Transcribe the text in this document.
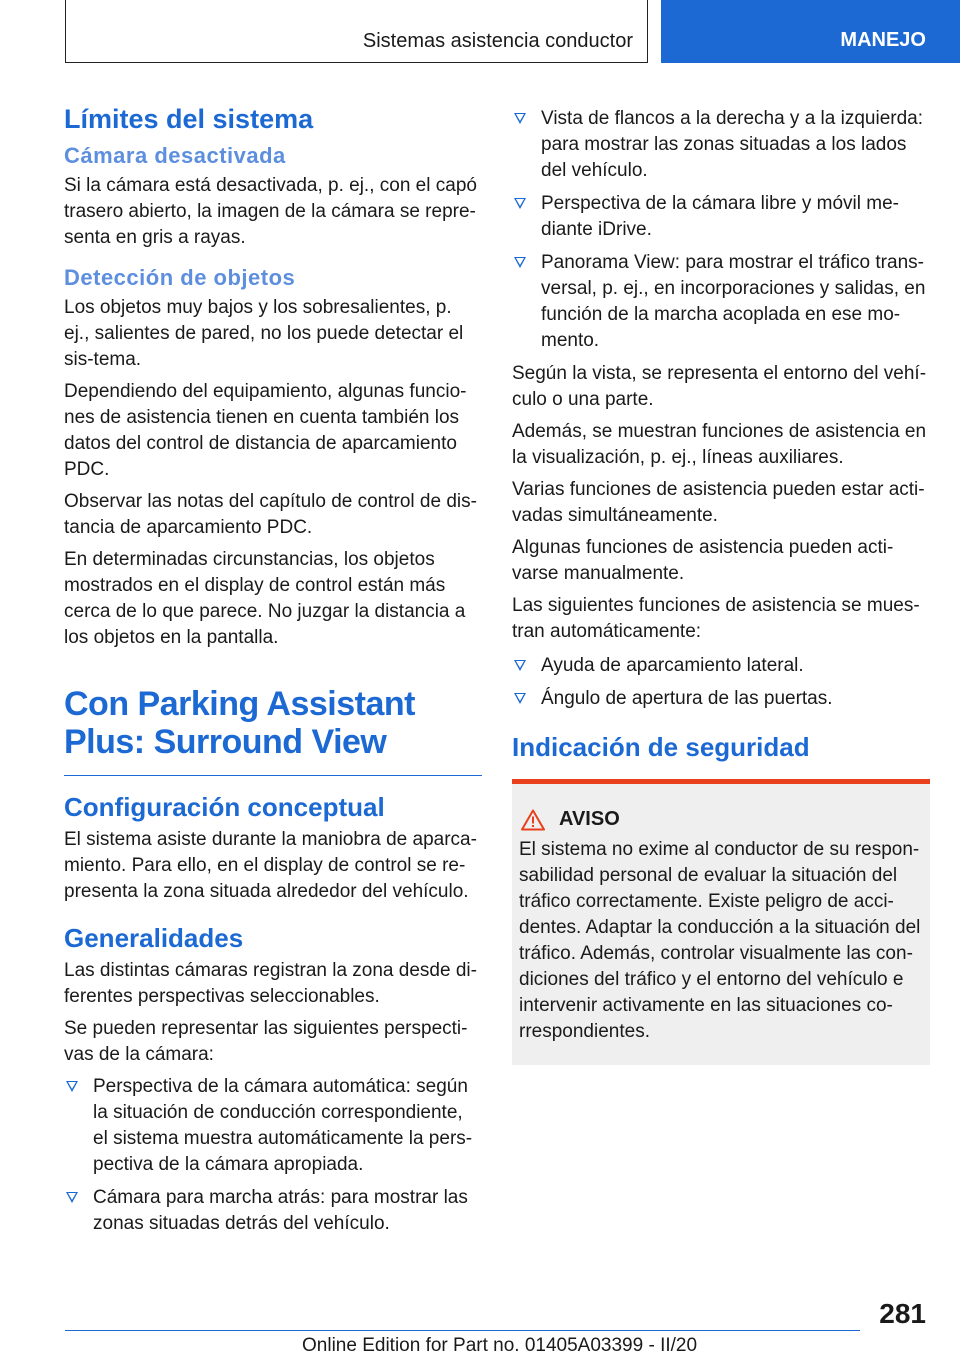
Sistemas asistencia conductor	MANEJO
Límites del sistema
Cámara desactivada

Si la cámara está desactivada, p. ej., con el capó trasero abierto, la imagen de la cámara se repre-senta en gris a rayas.

Detección de objetos

Los objetos muy bajos y los sobresalientes, p. ej., salientes de pared, no los puede detectar el sis-tema.

Dependiendo del equipamiento, algunas funcio-nes de asistencia tienen en cuenta también los datos del control de distancia de aparcamiento PDC.

Observar las notas del capítulo de control de dis-tancia de aparcamiento PDC.

En determinadas circunstancias, los objetos mostrados en el display de control están más cerca de lo que parece. No juzgar la distancia a los objetos en la pantalla.

Con Parking Assistant Plus: Surround View
Configuración conceptual

El sistema asiste durante la maniobra de aparca-miento. Para ello, en el display de control se re-presenta la zona situada alrededor del vehículo.

Generalidades

Las distintas cámaras registran la zona desde di-ferentes perspectivas seleccionables.

Se pueden representar las siguientes perspecti-vas de la cámara:

Perspectiva de la cámara automática: según la situación de conducción correspondiente, el sistema muestra automáticamente la pers-pectiva de la cámara apropiada.
Cámara para marcha atrás: para mostrar las zonas situadas detrás del vehículo.
Vista de flancos a la derecha y a la izquierda: para mostrar las zonas situadas a los lados del vehículo.
Perspectiva de la cámara libre y móvil me-diante iDrive.
Panorama View: para mostrar el tráfico trans-versal, p. ej., en incorporaciones y salidas, en función de la marcha acoplada en ese mo-mento.

Según la vista, se representa el entorno del vehí-culo o una parte.

Además, se muestran funciones de asistencia en la visualización, p. ej., líneas auxiliares.

Varias funciones de asistencia pueden estar acti-vadas simultáneamente.

Algunas funciones de asistencia pueden acti-varse manualmente.

Las siguientes funciones de asistencia se mues-tran automáticamente:

Ayuda de aparcamiento lateral.
Ángulo de apertura de las puertas.
Indicación de seguridad
AVISO

El sistema no exime al conductor de su respon-sabilidad personal de evaluar la situación del tráfico correctamente. Existe peligro de acci-dentes. Adaptar la conducción a la situación del tráfico. Además, controlar visualmente las con-diciones del tráfico y el entorno del vehículo e intervenir activamente en las situaciones co-rrespondientes.

281
Online Edition for Part no. 01405A03399 - II/20
